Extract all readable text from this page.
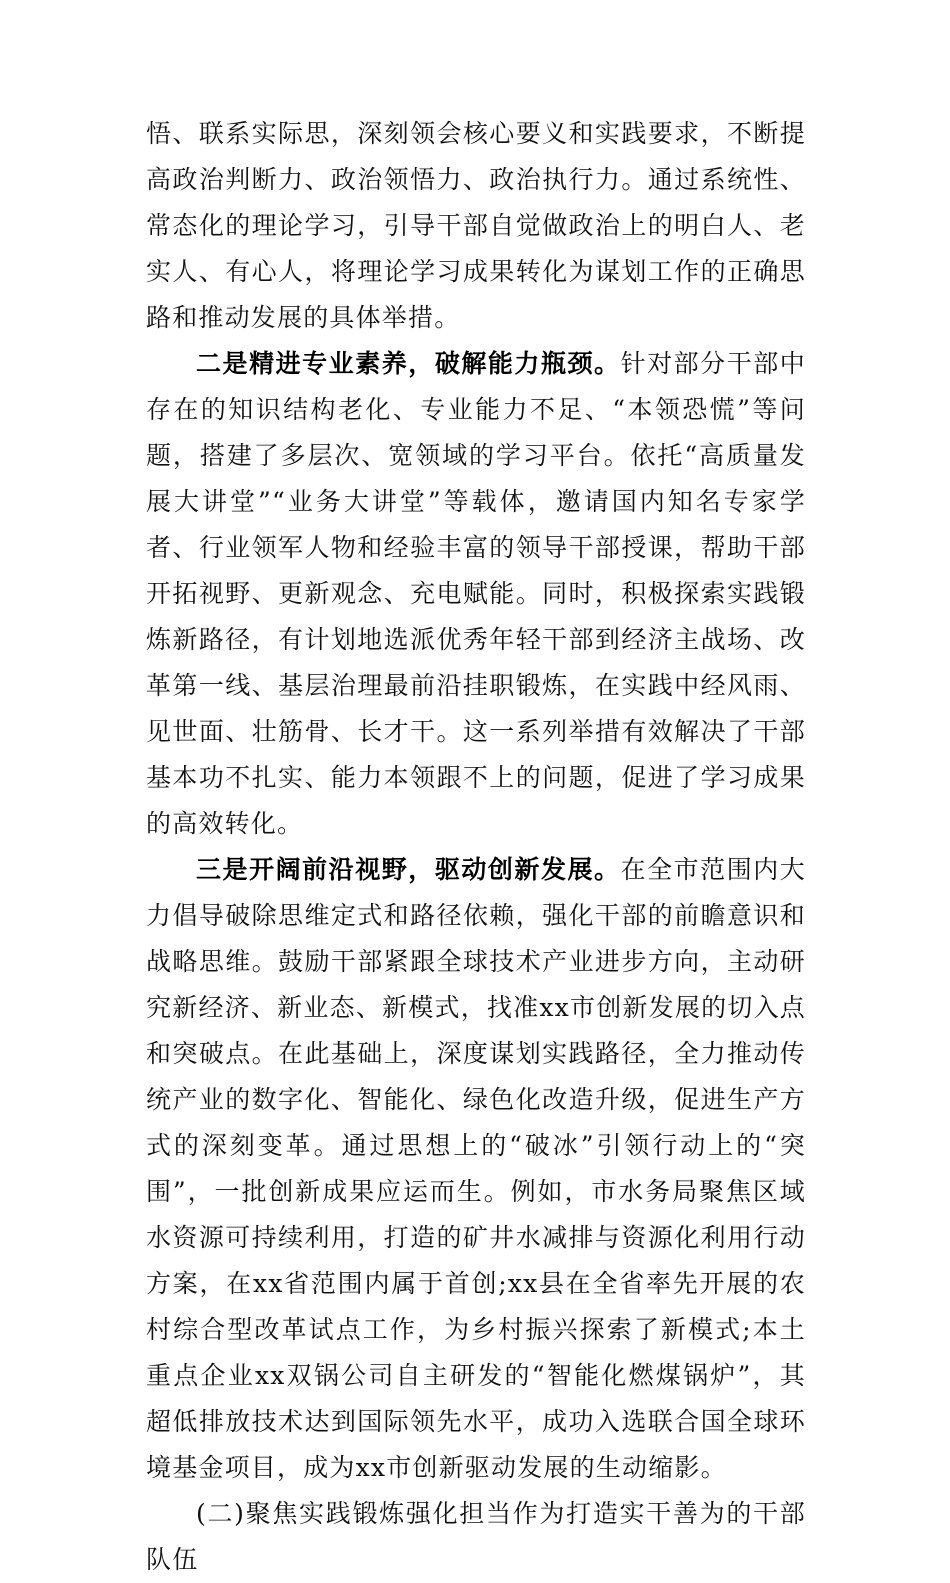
悟、联系实际思，深刻领会核心要义和实践要求，不断提高政治判断力、政治领悟力、政治执行力。通过系统性、常态化的理论学习，引导干部自觉做政治上的明白人、老实人、有心人，将理论学习成果转化为谋划工作的正确思路和推动发展的具体举措。

二是精进专业素养，破解能力瓶颈。针对部分干部中存在的知识结构老化、专业能力不足、“本领恐慌”等问题，搭建了多层次、宽领域的学习平台。依托“高质量发展大讲堂”“业务大讲堂”等载体，邀请国内知名专家学者、行业领军人物和经验丰富的领导干部授课，帮助干部开拓视野、更新观念、充电赋能。同时，积极探索实践锻炼新路径，有计划地选派优秀年轻干部到经济主战场、改革第一线、基层治理最前沿挂职锻炼，在实践中经风雨、见世面、壮筋骨、长才干。这一系列举措有效解决了干部基本功不扎实、能力本领跟不上的问题，促进了学习成果的高效转化。

三是开阔前沿视野，驱动创新发展。在全市范围内大力倡导破除思维定式和路径依赖，强化干部的前瞻意识和战略思维。鼓励干部紧跟全球技术产业进步方向，主动研究新经济、新业态、新模式，找准xx市创新发展的切入点和突破点。在此基础上，深度谋划实践路径，全力推动传统产业的数字化、智能化、绿色化改造升级，促进生产方式的深刻变革。通过思想上的“破冰”引领行动上的“突围”，一批创新成果应运而生。例如，市水务局聚焦区域水资源可持续利用，打造的矿井水减排与资源化利用行动方案，在xx省范围内属于首创;xx县在全省率先开展的农村综合型改革试点工作，为乡村振兴探索了新模式;本土重点企业xx双锅公司自主研发的“智能化燃煤锅炉”，其超低排放技术达到国际领先水平，成功入选联合国全球环境基金项目，成为xx市创新驱动发展的生动缩影。

(二)聚焦实践锻炼强化担当作为打造实干善为的干部队伍
